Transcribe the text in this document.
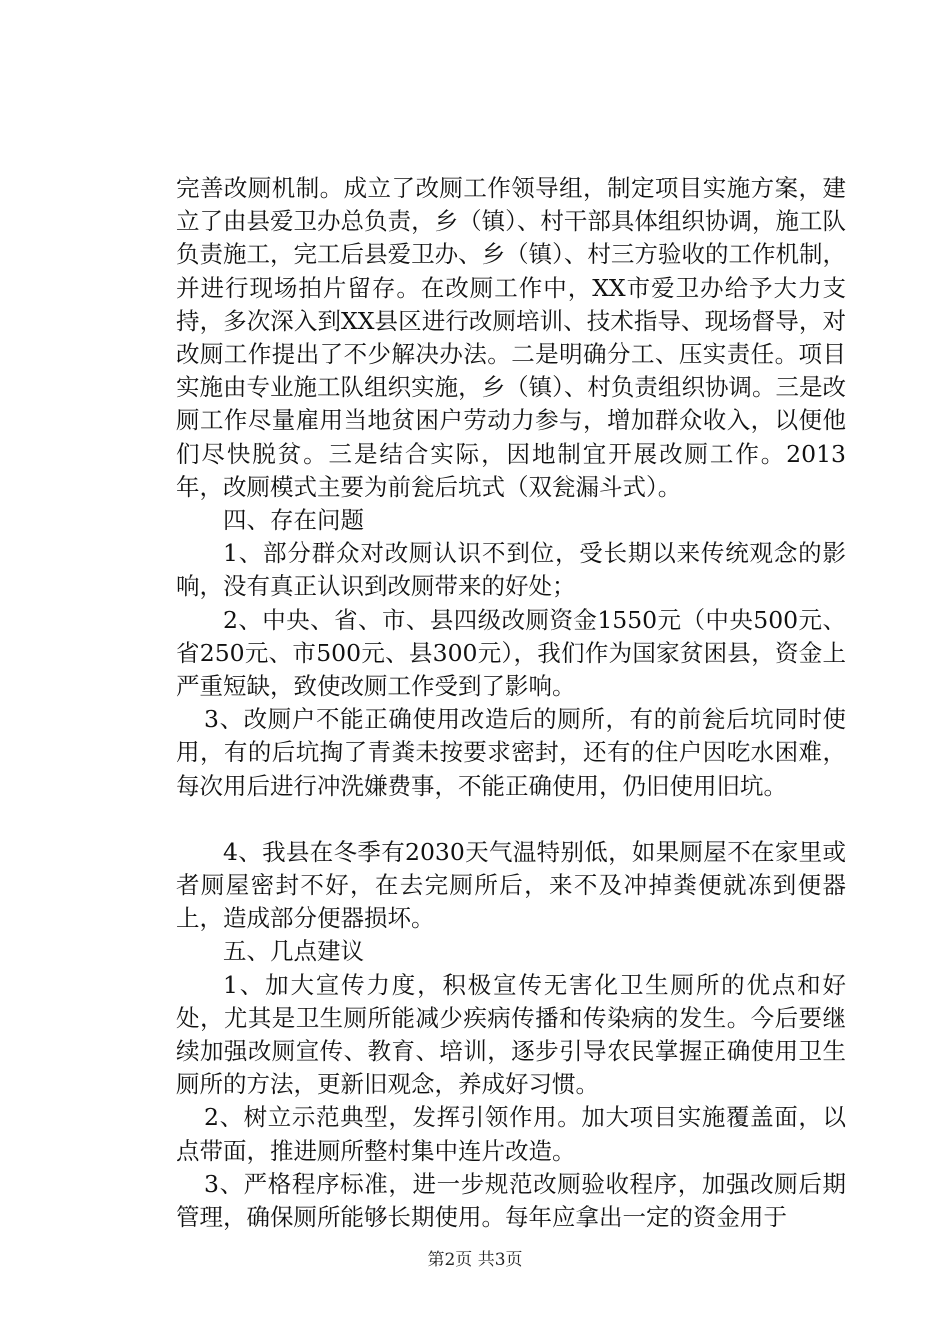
完善改厕机制。成立了改厕工作领导组，制定项目实施方案，建立了由县爱卫办总负责，乡（镇）、村干部具体组织协调，施工队负责施工，完工后县爱卫办、乡（镇）、村三方验收的工作机制，并进行现场拍片留存。在改厕工作中，XX市爱卫办给予大力支持，多次深入到XX县区进行改厕培训、技术指导、现场督导，对改厕工作提出了不少解决办法。二是明确分工、压实责任。项目实施由专业施工队组织实施，乡（镇）、村负责组织协调。三是改厕工作尽量雇用当地贫困户劳动力参与，增加群众收入，以便他们尽快脱贫。三是结合实际，因地制宜开展改厕工作。2013年，改厕模式主要为前瓮后坑式（双瓮漏斗式）。

四、存在问题

1、部分群众对改厕认识不到位，受长期以来传统观念的影响，没有真正认识到改厕带来的好处；

2、中央、省、市、县四级改厕资金1550元（中央500元、省250元、市500元、县300元），我们作为国家贫困县，资金上严重短缺，致使改厕工作受到了影响。

3、改厕户不能正确使用改造后的厕所，有的前瓮后坑同时使用，有的后坑掏了青粪未按要求密封，还有的住户因吃水困难，每次用后进行冲洗嫌费事，不能正确使用，仍旧使用旧坑。

4、我县在冬季有2030天气温特别低，如果厕屋不在家里或者厕屋密封不好，在去完厕所后，来不及冲掉粪便就冻到便器上，造成部分便器损坏。

五、几点建议

1、加大宣传力度，积极宣传无害化卫生厕所的优点和好处，尤其是卫生厕所能减少疾病传播和传染病的发生。今后要继续加强改厕宣传、教育、培训，逐步引导农民掌握正确使用卫生厕所的方法，更新旧观念，养成好习惯。

2、树立示范典型，发挥引领作用。加大项目实施覆盖面，以点带面，推进厕所整村集中连片改造。

3、严格程序标准，进一步规范改厕验收程序，加强改厕后期管理，确保厕所能够长期使用。每年应拿出一定的资金用于

第2页 共3页
